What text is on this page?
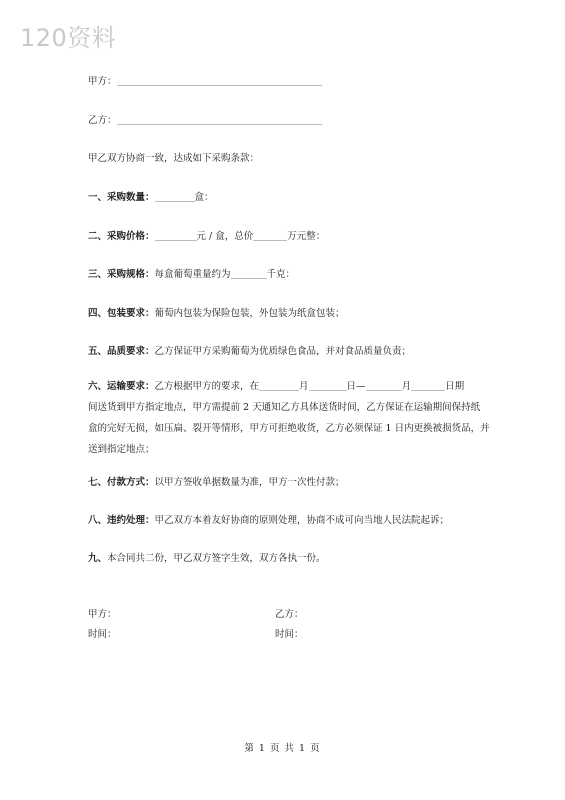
120资料
甲方：
乙方：
甲乙双方协商一致，达成如下采购条款：
一、采购数量：	盒：
二、采购价格：	元 / 盒，总价	万元整：
三、采购规格：每盒葡萄重量约为	千克：
四、包装要求：葡萄内包装为保险包装，外包装为纸盒包装；
五、品质要求：乙方保证甲方采购葡萄为优质绿色食品，并对食品质量负责；
六、运输要求：乙方根据甲方的要求，在	月	日—	月	日期
间送货到甲方指定地点，甲方需提前 2 天通知乙方具体送货时间，乙方保证在运输期间保持纸
盒的完好无损，如压扁、裂开等情形，甲方可拒绝收货，乙方必须保证 1 日内更换被损货品，并
送到指定地点；
七、付款方式：以甲方签收单据数量为准，甲方一次性付款；
八、违约处理：甲乙双方本着友好协商的原则处理，协商不成可向当地人民法院起诉；
九、本合同共二份，甲乙双方签字生效，双方各执一份。
甲方：	乙方：
时间：	时间：
第 1 页 共 1 页
